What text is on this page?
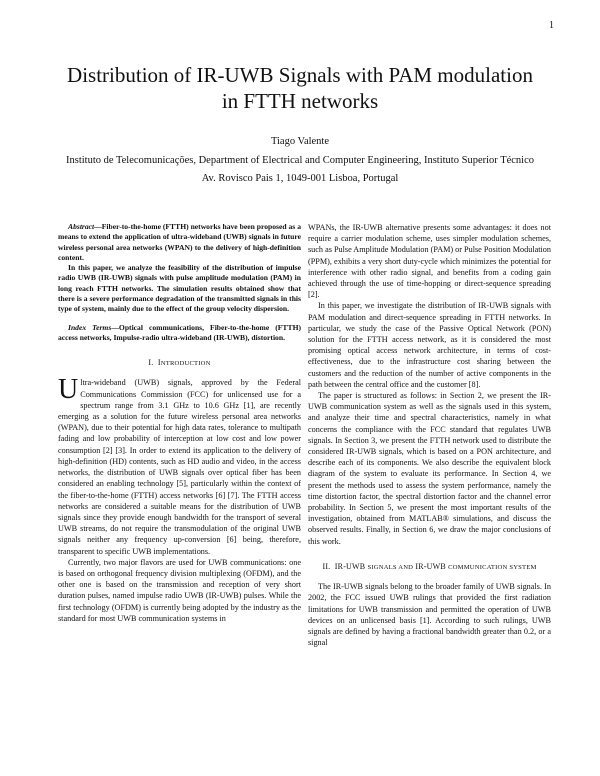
1
Distribution of IR-UWB Signals with PAM modulation in FTTH networks
Tiago Valente
Instituto de Telecomunicações, Department of Electrical and Computer Engineering, Instituto Superior Técnico
Av. Rovisco Pais 1, 1049-001 Lisboa, Portugal

Abstract—Fiber-to-the-home (FTTH) networks have been proposed as a means to extend the application of ultra-wideband (UWB) signals in future wireless personal area networks (WPAN) to the delivery of high-definition content.

In this paper, we analyze the feasibility of the distribution of impulse radio UWB (IR-UWB) signals with pulse amplitude modulation (PAM) in long reach FTTH networks. The simulation results obtained show that there is a severe performance degradation of the transmitted signals in this type of system, mainly due to the effect of the group velocity dispersion.

Index Terms—Optical communications, Fiber-to-the-home (FTTH) access networks, Impulse-radio ultra-wideband (IR-UWB), distortion.

I. INTRODUCTION

Ultra-wideband (UWB) signals, approved by the Federal Communications Commission (FCC) for unlicensed use for a spectrum range from 3.1 GHz to 10.6 GHz [1], are recently emerging as a solution for the future wireless personal area networks (WPAN), due to their potential for high data rates, tolerance to multipath fading and low probability of interception at low cost and low power consumption [2] [3]. In order to extend its application to the delivery of high-definition (HD) contents, such as HD audio and video, in the access networks, the distribution of UWB signals over optical fiber has been considered an enabling technology [5], particularly within the context of the fiber-to-the-home (FTTH) access networks [6] [7]. The FTTH access networks are considered a suitable means for the distribution of UWB signals since they provide enough bandwidth for the transport of several UWB streams, do not require the transmodulation of the original UWB signals neither any frequency up-conversion [6] being, therefore, transparent to specific UWB implementations.

Currently, two major flavors are used for UWB communications: one is based on orthogonal frequency division multiplexing (OFDM), and the other one is based on the transmission and reception of very short duration pulses, named impulse radio UWB (IR-UWB) pulses. While the first technology (OFDM) is currently being adopted by the industry as the standard for most UWB communication systems in

WPANs, the IR-UWB alternative presents some advantages: it does not require a carrier modulation scheme, uses simpler modulation schemes, such as Pulse Amplitude Modulation (PAM) or Pulse Position Modulation (PPM), exhibits a very short duty-cycle which minimizes the potential for interference with other radio signal, and benefits from a coding gain achieved through the use of time-hopping or direct-sequence spreading [2].

In this paper, we investigate the distribution of IR-UWB signals with PAM modulation and direct-sequence spreading in FTTH networks. In particular, we study the case of the Passive Optical Network (PON) solution for the FTTH access network, as it is considered the most promising optical access network architecture, in terms of cost-effectiveness, due to the infrastructure cost sharing between the customers and the reduction of the number of active components in the path between the central office and the customer [8].

The paper is structured as follows: in Section 2, we present the IR-UWB communication system as well as the signals used in this system, and analyze their time and spectral characteristics, namely in what concerns the compliance with the FCC standard that regulates UWB signals. In Section 3, we present the FTTH network used to distribute the considered IR-UWB signals, which is based on a PON architecture, and describe each of its components. We also describe the equivalent block diagram of the system to evaluate its performance. In Section 4, we present the methods used to assess the system performance, namely the time distortion factor, the spectral distortion factor and the channel error probability. In Section 5, we present the most important results of the investigation, obtained from MATLAB® simulations, and discuss the observed results. Finally, in Section 6, we draw the major conclusions of this work.

II. IR-UWB SIGNALS AND IR-UWB COMMUNICATION SYSTEM

The IR-UWB signals belong to the broader family of UWB signals. In 2002, the FCC issued UWB rulings that provided the first radiation limitations for UWB transmission and permitted the operation of UWB devices on an unlicensed basis [1]. According to such rulings, UWB signals are defined by having a fractional bandwidth greater than 0.2, or a signal
